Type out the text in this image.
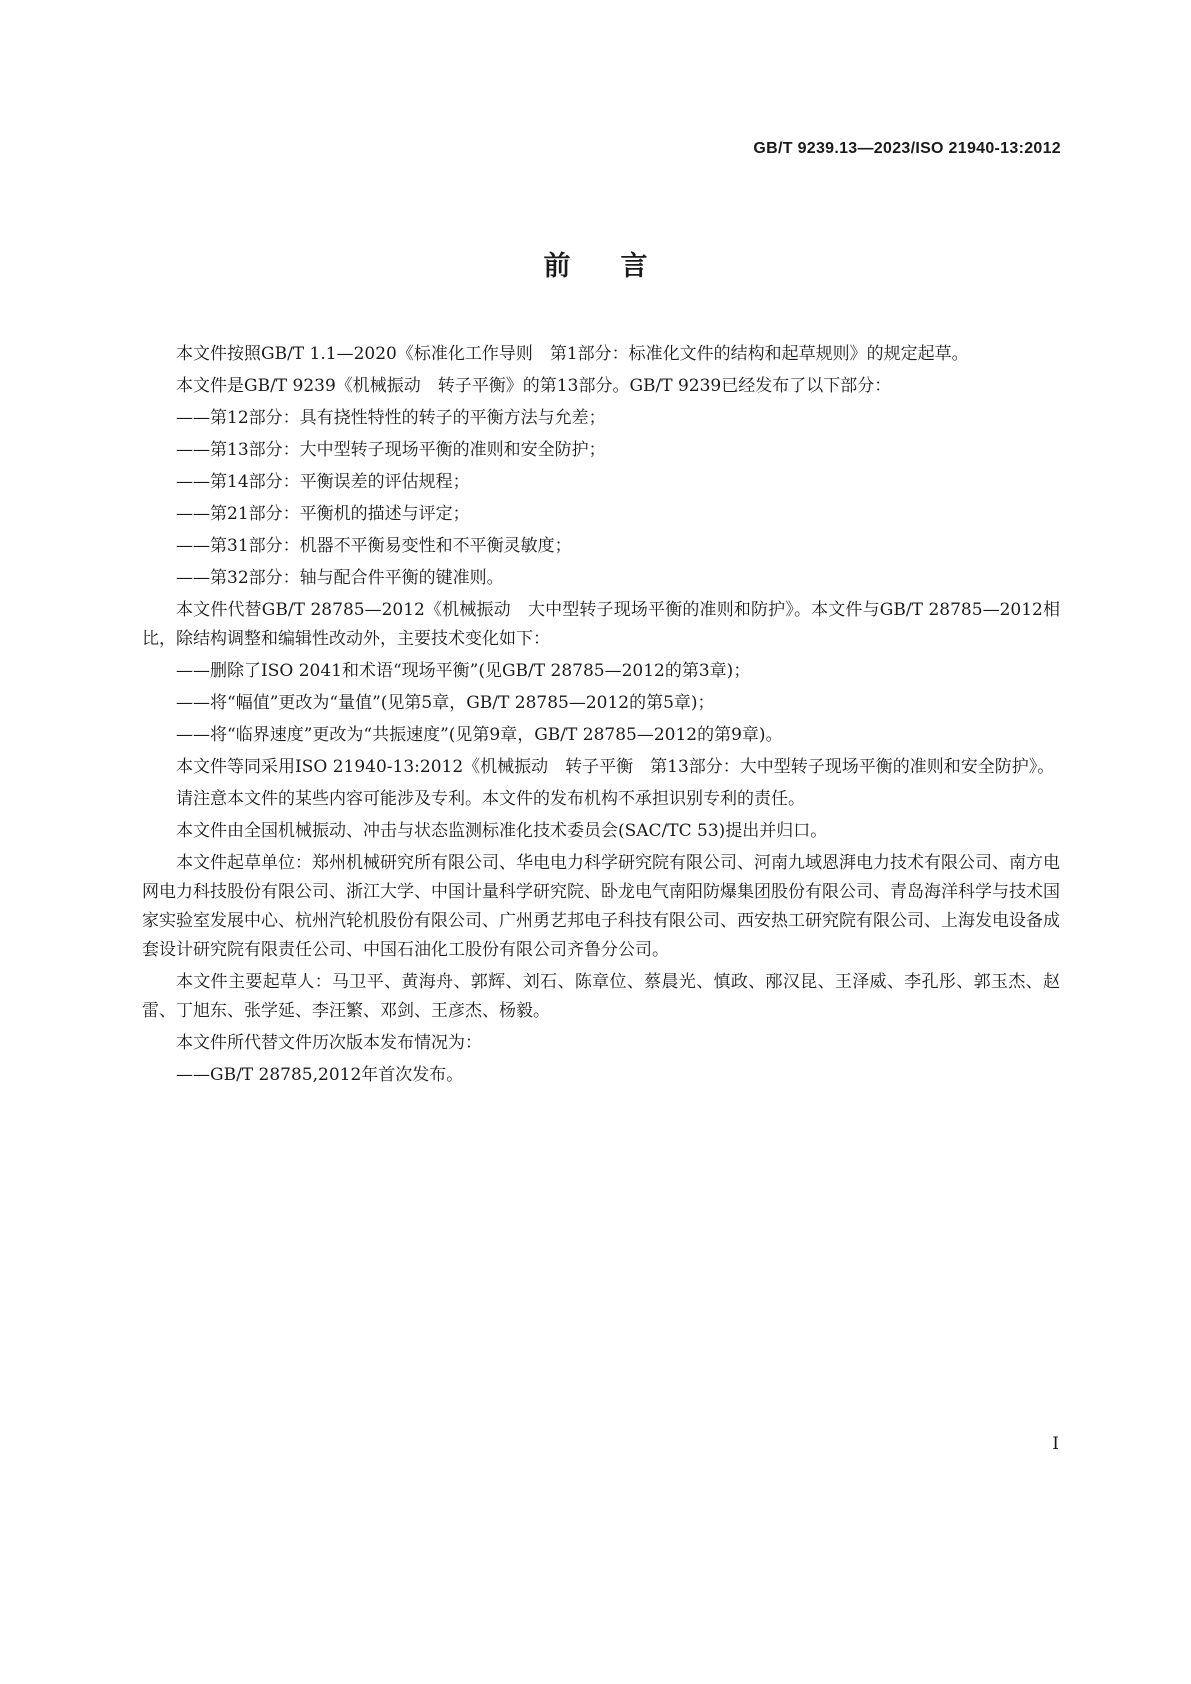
GB/T 9239.13—2023/ISO 21940-13:2012
前言

本文件按照GB/T 1.1—2020《标准化工作导则　第1部分：标准化文件的结构和起草规则》的规定起草。

本文件是GB/T 9239《机械振动　转子平衡》的第13部分。GB/T 9239已经发布了以下部分：

——第12部分：具有挠性特性的转子的平衡方法与允差；

——第13部分：大中型转子现场平衡的准则和安全防护；

——第14部分：平衡误差的评估规程；

——第21部分：平衡机的描述与评定；

——第31部分：机器不平衡易变性和不平衡灵敏度；

——第32部分：轴与配合件平衡的键准则。

本文件代替GB/T 28785—2012《机械振动　大中型转子现场平衡的准则和防护》。本文件与GB/T 28785—2012相比，除结构调整和编辑性改动外，主要技术变化如下：

——删除了ISO 2041和术语“现场平衡”(见GB/T 28785—2012的第3章)；

——将“幅值”更改为“量值”(见第5章，GB/T 28785—2012的第5章)；

——将“临界速度”更改为“共振速度”(见第9章，GB/T 28785—2012的第9章)。

本文件等同采用ISO 21940-13:2012《机械振动　转子平衡　第13部分：大中型转子现场平衡的准则和安全防护》。

请注意本文件的某些内容可能涉及专利。本文件的发布机构不承担识别专利的责任。

本文件由全国机械振动、冲击与状态监测标准化技术委员会(SAC/TC 53)提出并归口。

本文件起草单位：郑州机械研究所有限公司、华电电力科学研究院有限公司、河南九域恩湃电力技术有限公司、南方电网电力科技股份有限公司、浙江大学、中国计量科学研究院、卧龙电气南阳防爆集团股份有限公司、青岛海洋科学与技术国家实验室发展中心、杭州汽轮机股份有限公司、广州勇艺邦电子科技有限公司、西安热工研究院有限公司、上海发电设备成套设计研究院有限责任公司、中国石油化工股份有限公司齐鲁分公司。

本文件主要起草人：马卫平、黄海舟、郭辉、刘石、陈章位、蔡晨光、慎政、邴汉昆、王泽威、李孔彤、郭玉杰、赵雷、丁旭东、张学延、李汪繁、邓剑、王彦杰、杨毅。

本文件所代替文件历次版本发布情况为：

——GB/T 28785,2012年首次发布。

I
